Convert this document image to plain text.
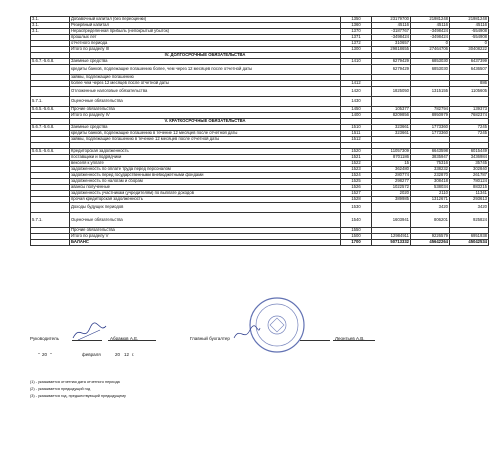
3.1.	Добавочный капитал (без переоценки)	1350	23179700	21981248	21981248
3.1.	Резервный капитал	1360	45116	45116	45116
3.1.	Нераспределенная прибыль (непокрытый убыток)	1370	-3187767	-3498424	-554908
	прошлых лет	1371	-3498424	-3498424	-554908
	отчетного периода	1372	310657	0	0
	Итого по разделу III	1300	29818655	27464706	30408222
	IV. ДОЛГОСРОЧНЫЕ ОБЯЗАТЕЛЬСТВА				
5.6.7.-5.6.8.	Заемные средства	1410	6279429	6853030	6437399
	кредиты банков, подлежащие погашению более, чем через 12 месяцев после отчетной даты		6279429	6853030	6436507
	займы, подлежащие погашению				
	более чем через 12 месяцев после отчетной даты	1412			886
	Отложенные налоговые обязательства	1420	1825050	1315155	1105605
5.7.1.	Оценочные обязательства	1430			
5.6.5.-5.6.6.	Прочие обязательства	1450	105377	782794	139373
	Итого по разделу IV	1400	8209856	8950979	7682374
	V. КРАТКОСРОЧНЫЕ ОБЯЗАТЕЛЬСТВА				
5.6.7.-5.6.8.	Заемные средства	1510	323661	1773360	7245
	кредиты банков, подлежащие погашению в течение 12 месяцев после отчетной даты	1511	323661	1773360	7245
	займы, подлежащие погашению в течение 12 месяцев после отчетной даты	1512			

5.6.5.-5.6.6.	Кредиторская задолженность	1520	11057309	6643598	6015449
	поставщики и подрядчики	1521	8701186	3835947	3436984
	векселя к уплате	1522	15	75316	35745
	задолженность по оплате труда перед персоналом	1523	362480	338232	302840
	задолженность перед государственными внебюджетными фондами	1524	280774	232870	261787
	задолженность по налогам и сборам	1525	298277	308418	780124
	авансы полученные	1526	1022572	538034	883215
	задолженность участникам (учредителям) по выплате доходов	1527	2020	2110	11341
	прочая кредиторская задолженность	1528	389985	1312671	293613
	Доходы будущих периодов	1530		3420	3420
5.7.1.	Оценочные обязательства	1540	1603941	806201	925824
	Прочие обязательства	1550			
	Итого по разделу V	1500	12984911	9226579	6951938
	БАЛАНС	1700	50713332	45642264	45042534
Руководитель	Абрамов А.Е.	Главный бухгалтер	Леонтьев А.В.
" 20 "	февраля	20 12 г.
(1) - указывается отчетная дата отчетного периода
(2) - указывается предыдущий год
(3) - указывается год, предшествующий предыдущему
